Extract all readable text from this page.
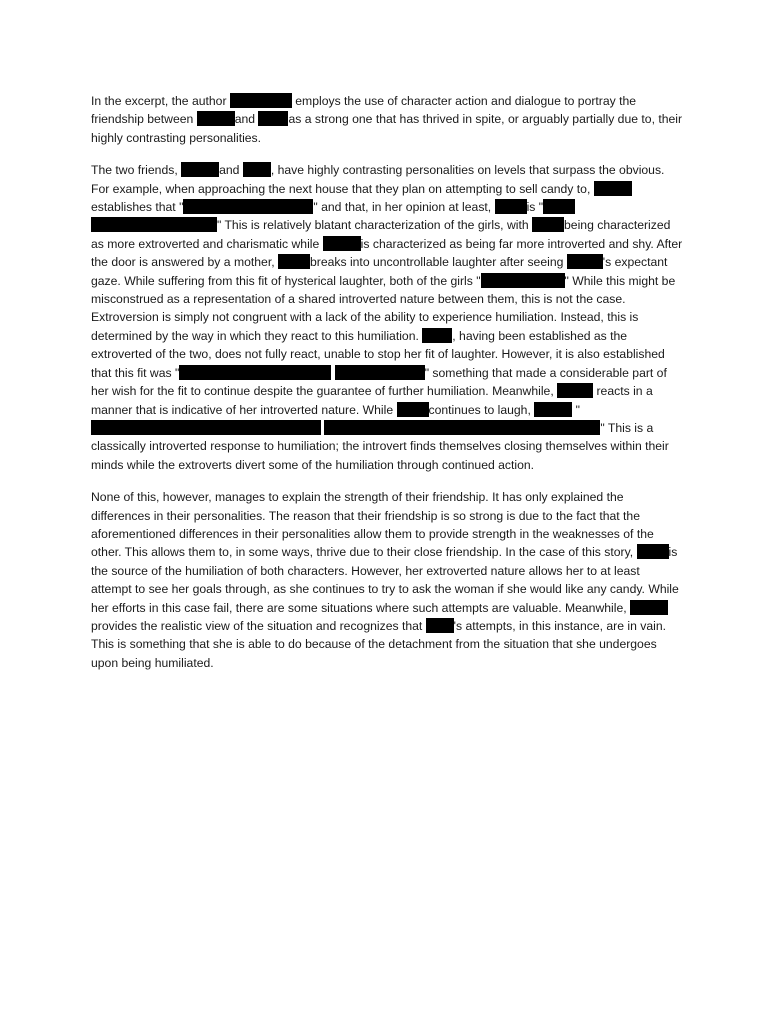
In the excerpt, the author	employs the use of character action and dialogue to portray the friendship between	and as a strong one that has thrived in spite, or arguably partially due to, their highly contrasting personalities.

The two friends,	and , have highly contrasting personalities on levels that surpass the obvious. For example, when approaching the next house that they plan on attempting to sell candy to, establishes that "	" and that, in her opinion at least,	is " " This is relatively blatant characterization of the girls, with	being characterized as more extroverted and charismatic while	is characterized as being far more introverted and shy. After the door is answered by a mother,	breaks into uncontrollable laughter after seeing	's expectant gaze. While suffering from this fit of hysterical laughter, both of the girls "	" While this might be misconstrued as a representation of a shared introverted nature between them, this is not the case. Extroversion is simply not congruent with a lack of the ability to experience humiliation. Instead, this is determined by the way in which they react to this humiliation. , having been established as the extroverted of the two, does not fully react, unable to stop her fit of laughter. However, it is also established that this fit was "	" something that made a considerable part of her wish for the fit to continue despite the guarantee of further humiliation. Meanwhile,	reacts in a manner that is indicative of her introverted nature. While	continues to laugh,	" " This is a classically introverted response to humiliation; the introvert finds themselves closing themselves within their minds while the extroverts divert some of the humiliation through continued action.

None of this, however, manages to explain the strength of their friendship. It has only explained the differences in their personalities. The reason that their friendship is so strong is due to the fact that the aforementioned differences in their personalities allow them to provide strength in the weaknesses of the other. This allows them to, in some ways, thrive due to their close friendship. In the case of this story,	is the source of the humiliation of both characters. However, her extroverted nature allows her to at least attempt to see her goals through, as she continues to try to ask the woman if she would like any candy. While her efforts in this case fail, there are some situations where such attempts are valuable. Meanwhile, provides the realistic view of the situation and recognizes that 's attempts, in this instance, are in vain. This is something that she is able to do because of the detachment from the situation that she undergoes upon being humiliated.
